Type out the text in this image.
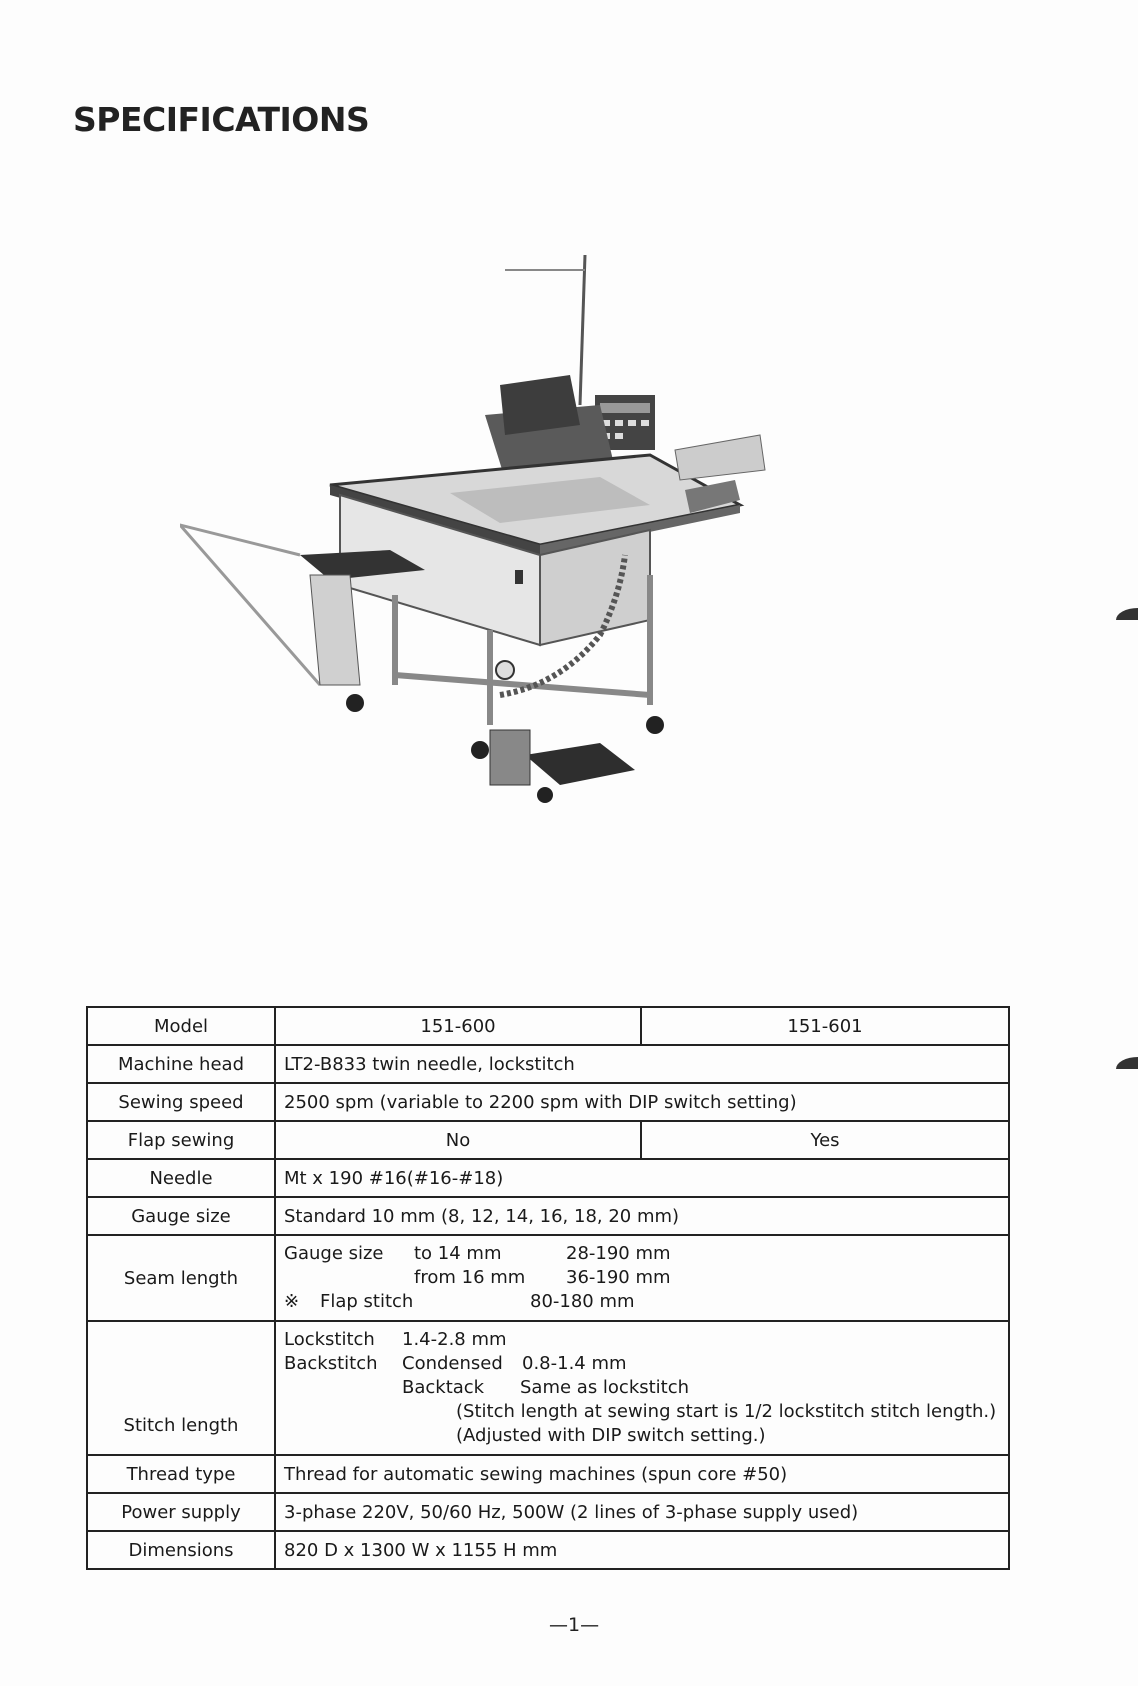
SPECIFICATIONS
Model	151-600	151-601
Machine head	LT2-B833 twin needle, lockstitch	
Sewing speed	2500 spm (variable to 2200 spm with DIP switch setting)	
Flap sewing	No	Yes
Needle	Mt x 190 #16(#16-#18)	
Gauge size	Standard 10 mm (8, 12, 14, 16, 18, 20 mm)	
Seam length	Gauge size to 14 mm 28-190 mm
from 16 mm 36-190 mm
※ Flap stitch 80-180 mm	

Stitch length	Lockstitch 1.4-2.8 mm
Backstitch Condensed 0.8-1.4 mm
Backtack Same as lockstitch
(Stitch length at sewing start is 1/2 lockstitch stitch length.)
(Adjusted with DIP switch setting.)	

Thread type	Thread for automatic sewing machines (spun core #50)	
Power supply	3-phase 220V, 50/60 Hz, 500W (2 lines of 3-phase supply used)	
Dimensions	820 D x 1300 W x 1155 H mm	
—1—
